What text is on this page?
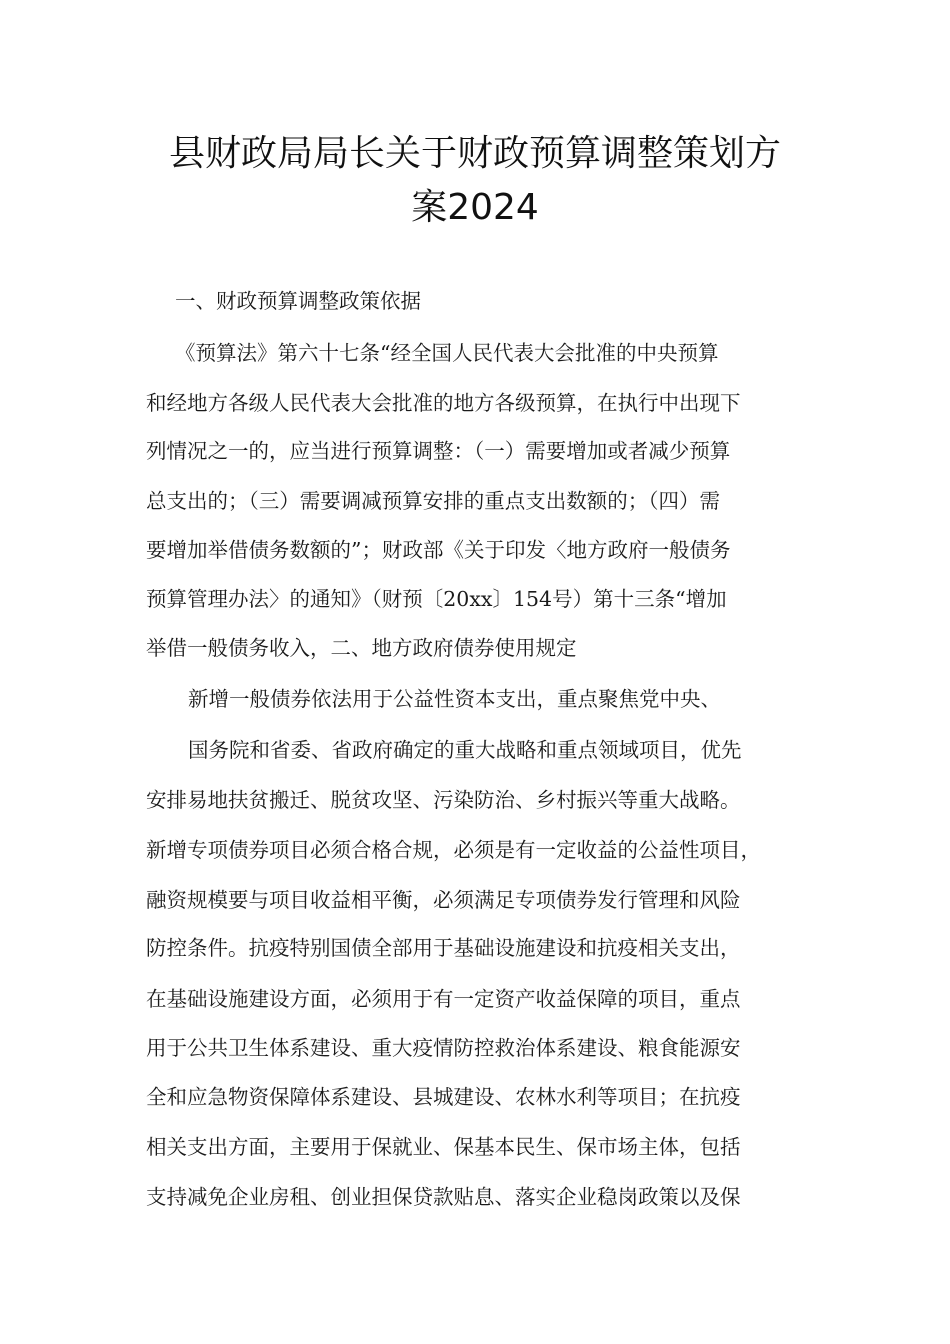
县财政局局长关于财政预算调整策划方
案2024

一、财政预算调整政策依据

《预算法》第六十七条“经全国人民代表大会批准的中央预算

和经地方各级人民代表大会批准的地方各级预算，在执行中出现下

列情况之一的，应当进行预算调整：（一）需要增加或者减少预算

总支出的；（三）需要调减预算安排的重点支出数额的；（四）需

要增加举借债务数额的”；财政部《关于印发〈地方政府一般债务

预算管理办法〉的通知》（财预〔20xx〕154号）第十三条“增加

举借一般债务收入，二、地方政府债券使用规定

新增一般债券依法用于公益性资本支出，重点聚焦党中央、

国务院和省委、省政府确定的重大战略和重点领域项目，优先

安排易地扶贫搬迁、脱贫攻坚、污染防治、乡村振兴等重大战略。

新增专项债券项目必须合格合规，必须是有一定收益的公益性项目，

融资规模要与项目收益相平衡，必须满足专项债券发行管理和风险

防控条件。抗疫特别国债全部用于基础设施建设和抗疫相关支出，

在基础设施建设方面，必须用于有一定资产收益保障的项目，重点

用于公共卫生体系建设、重大疫情防控救治体系建设、粮食能源安

全和应急物资保障体系建设、县城建设、农林水利等项目；在抗疫

相关支出方面，主要用于保就业、保基本民生、保市场主体，包括

支持减免企业房租、创业担保贷款贴息、落实企业稳岗政策以及保
